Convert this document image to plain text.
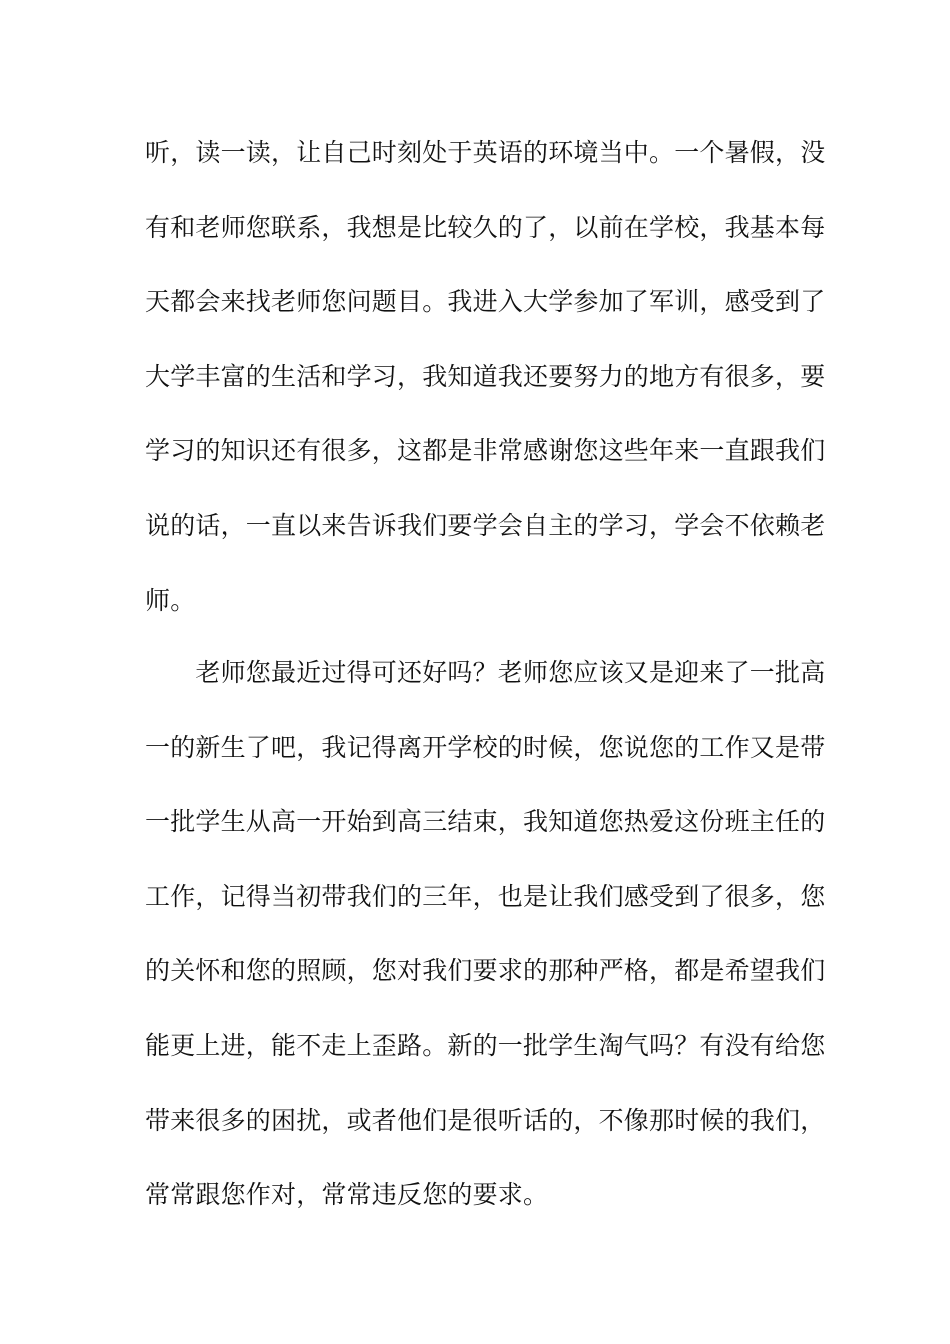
听，读一读，让自己时刻处于英语的环境当中。一个暑假，没
有和老师您联系，我想是比较久的了，以前在学校，我基本每
天都会来找老师您问题目。我进入大学参加了军训，感受到了
大学丰富的生活和学习，我知道我还要努力的地方有很多，要
学习的知识还有很多，这都是非常感谢您这些年来一直跟我们
说的话，一直以来告诉我们要学会自主的学习，学会不依赖老
师。
　　老师您最近过得可还好吗？老师您应该又是迎来了一批高
一的新生了吧，我记得离开学校的时候，您说您的工作又是带
一批学生从高一开始到高三结束，我知道您热爱这份班主任的
工作，记得当初带我们的三年，也是让我们感受到了很多，您
的关怀和您的照顾，您对我们要求的那种严格，都是希望我们
能更上进，能不走上歪路。新的一批学生淘气吗？有没有给您
带来很多的困扰，或者他们是很听话的，不像那时候的我们，
常常跟您作对，常常违反您的要求。
